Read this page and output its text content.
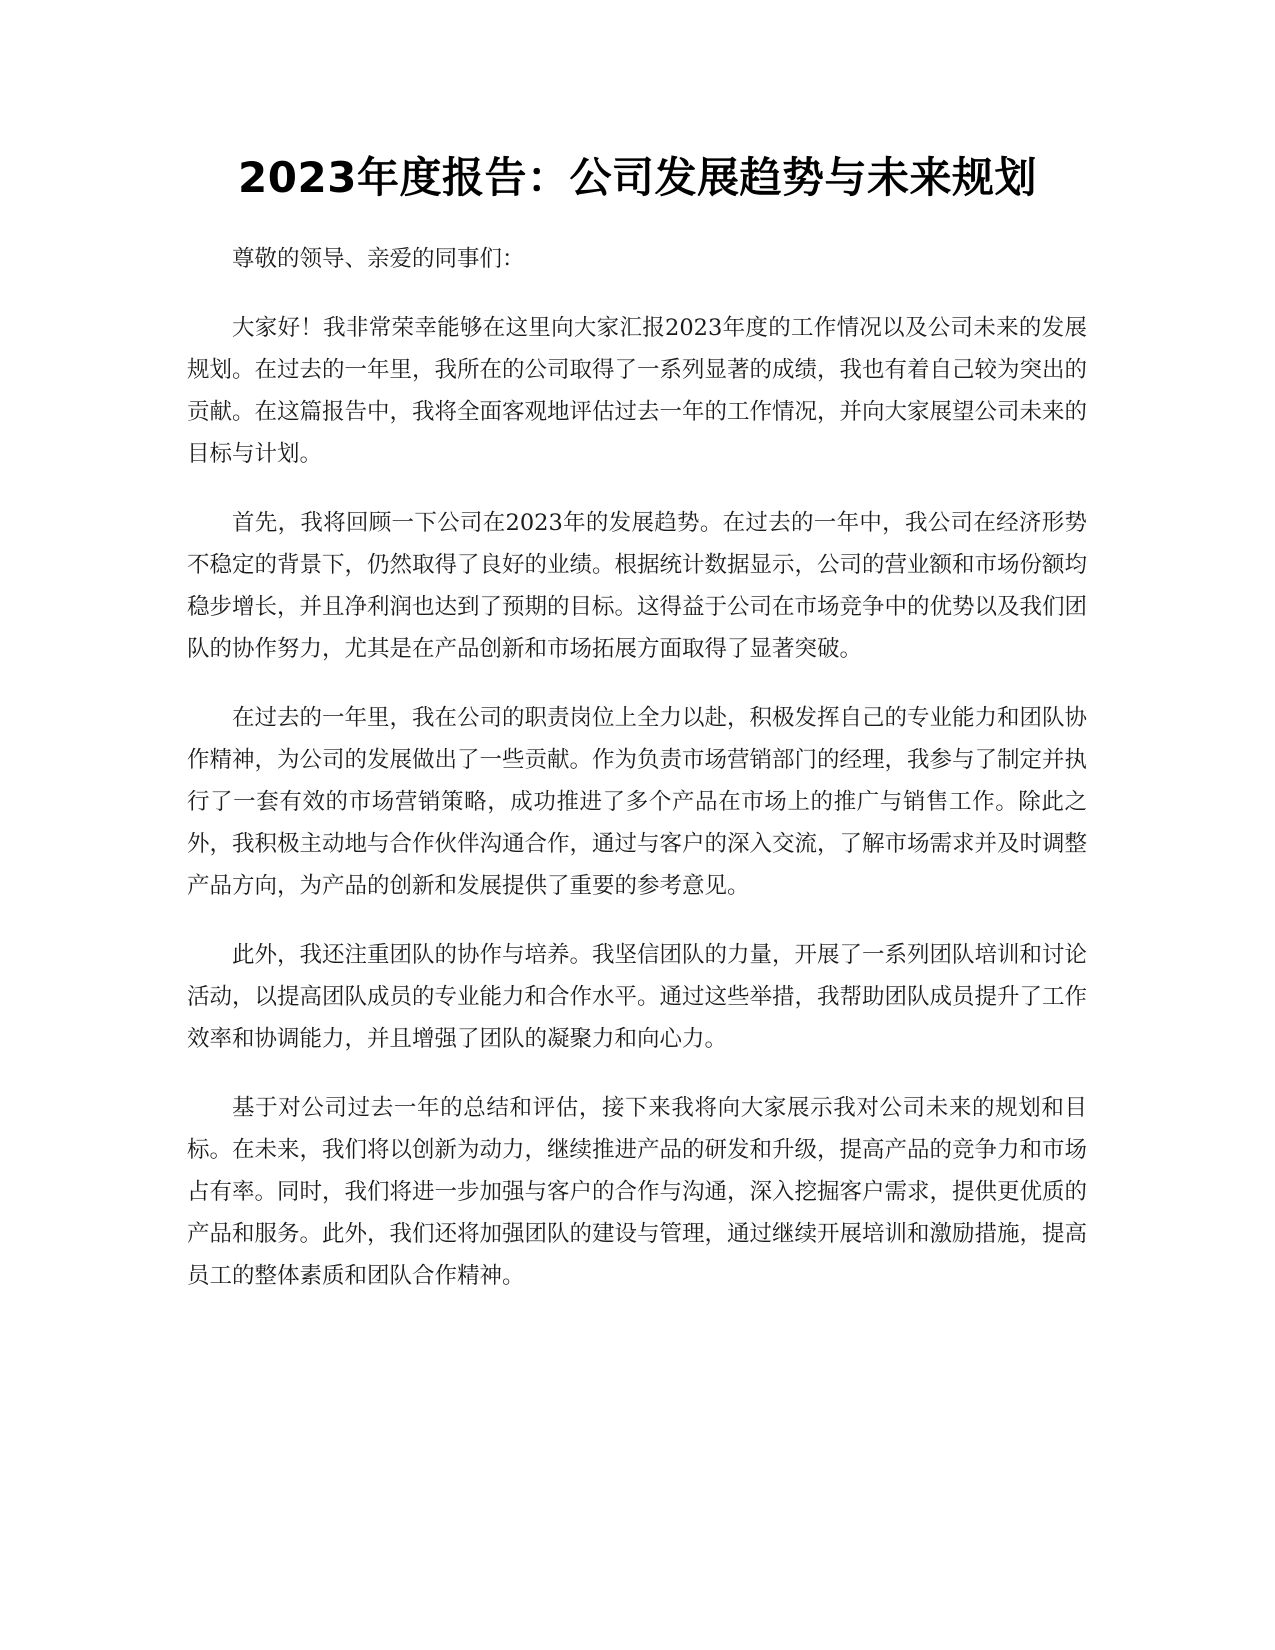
2023年度报告：公司发展趋势与未来规划

尊敬的领导、亲爱的同事们：

大家好！我非常荣幸能够在这里向大家汇报2023年度的工作情况以及公司未来的发展规划。在过去的一年里，我所在的公司取得了一系列显著的成绩，我也有着自己较为突出的贡献。在这篇报告中，我将全面客观地评估过去一年的工作情况，并向大家展望公司未来的目标与计划。

首先，我将回顾一下公司在2023年的发展趋势。在过去的一年中，我公司在经济形势不稳定的背景下，仍然取得了良好的业绩。根据统计数据显示，公司的营业额和市场份额均稳步增长，并且净利润也达到了预期的目标。这得益于公司在市场竞争中的优势以及我们团队的协作努力，尤其是在产品创新和市场拓展方面取得了显著突破。

在过去的一年里，我在公司的职责岗位上全力以赴，积极发挥自己的专业能力和团队协作精神，为公司的发展做出了一些贡献。作为负责市场营销部门的经理，我参与了制定并执行了一套有效的市场营销策略，成功推进了多个产品在市场上的推广与销售工作。除此之外，我积极主动地与合作伙伴沟通合作，通过与客户的深入交流，了解市场需求并及时调整产品方向，为产品的创新和发展提供了重要的参考意见。

此外，我还注重团队的协作与培养。我坚信团队的力量，开展了一系列团队培训和讨论活动，以提高团队成员的专业能力和合作水平。通过这些举措，我帮助团队成员提升了工作效率和协调能力，并且增强了团队的凝聚力和向心力。

基于对公司过去一年的总结和评估，接下来我将向大家展示我对公司未来的规划和目标。在未来，我们将以创新为动力，继续推进产品的研发和升级，提高产品的竞争力和市场占有率。同时，我们将进一步加强与客户的合作与沟通，深入挖掘客户需求，提供更优质的产品和服务。此外，我们还将加强团队的建设与管理，通过继续开展培训和激励措施，提高员工的整体素质和团队合作精神。
